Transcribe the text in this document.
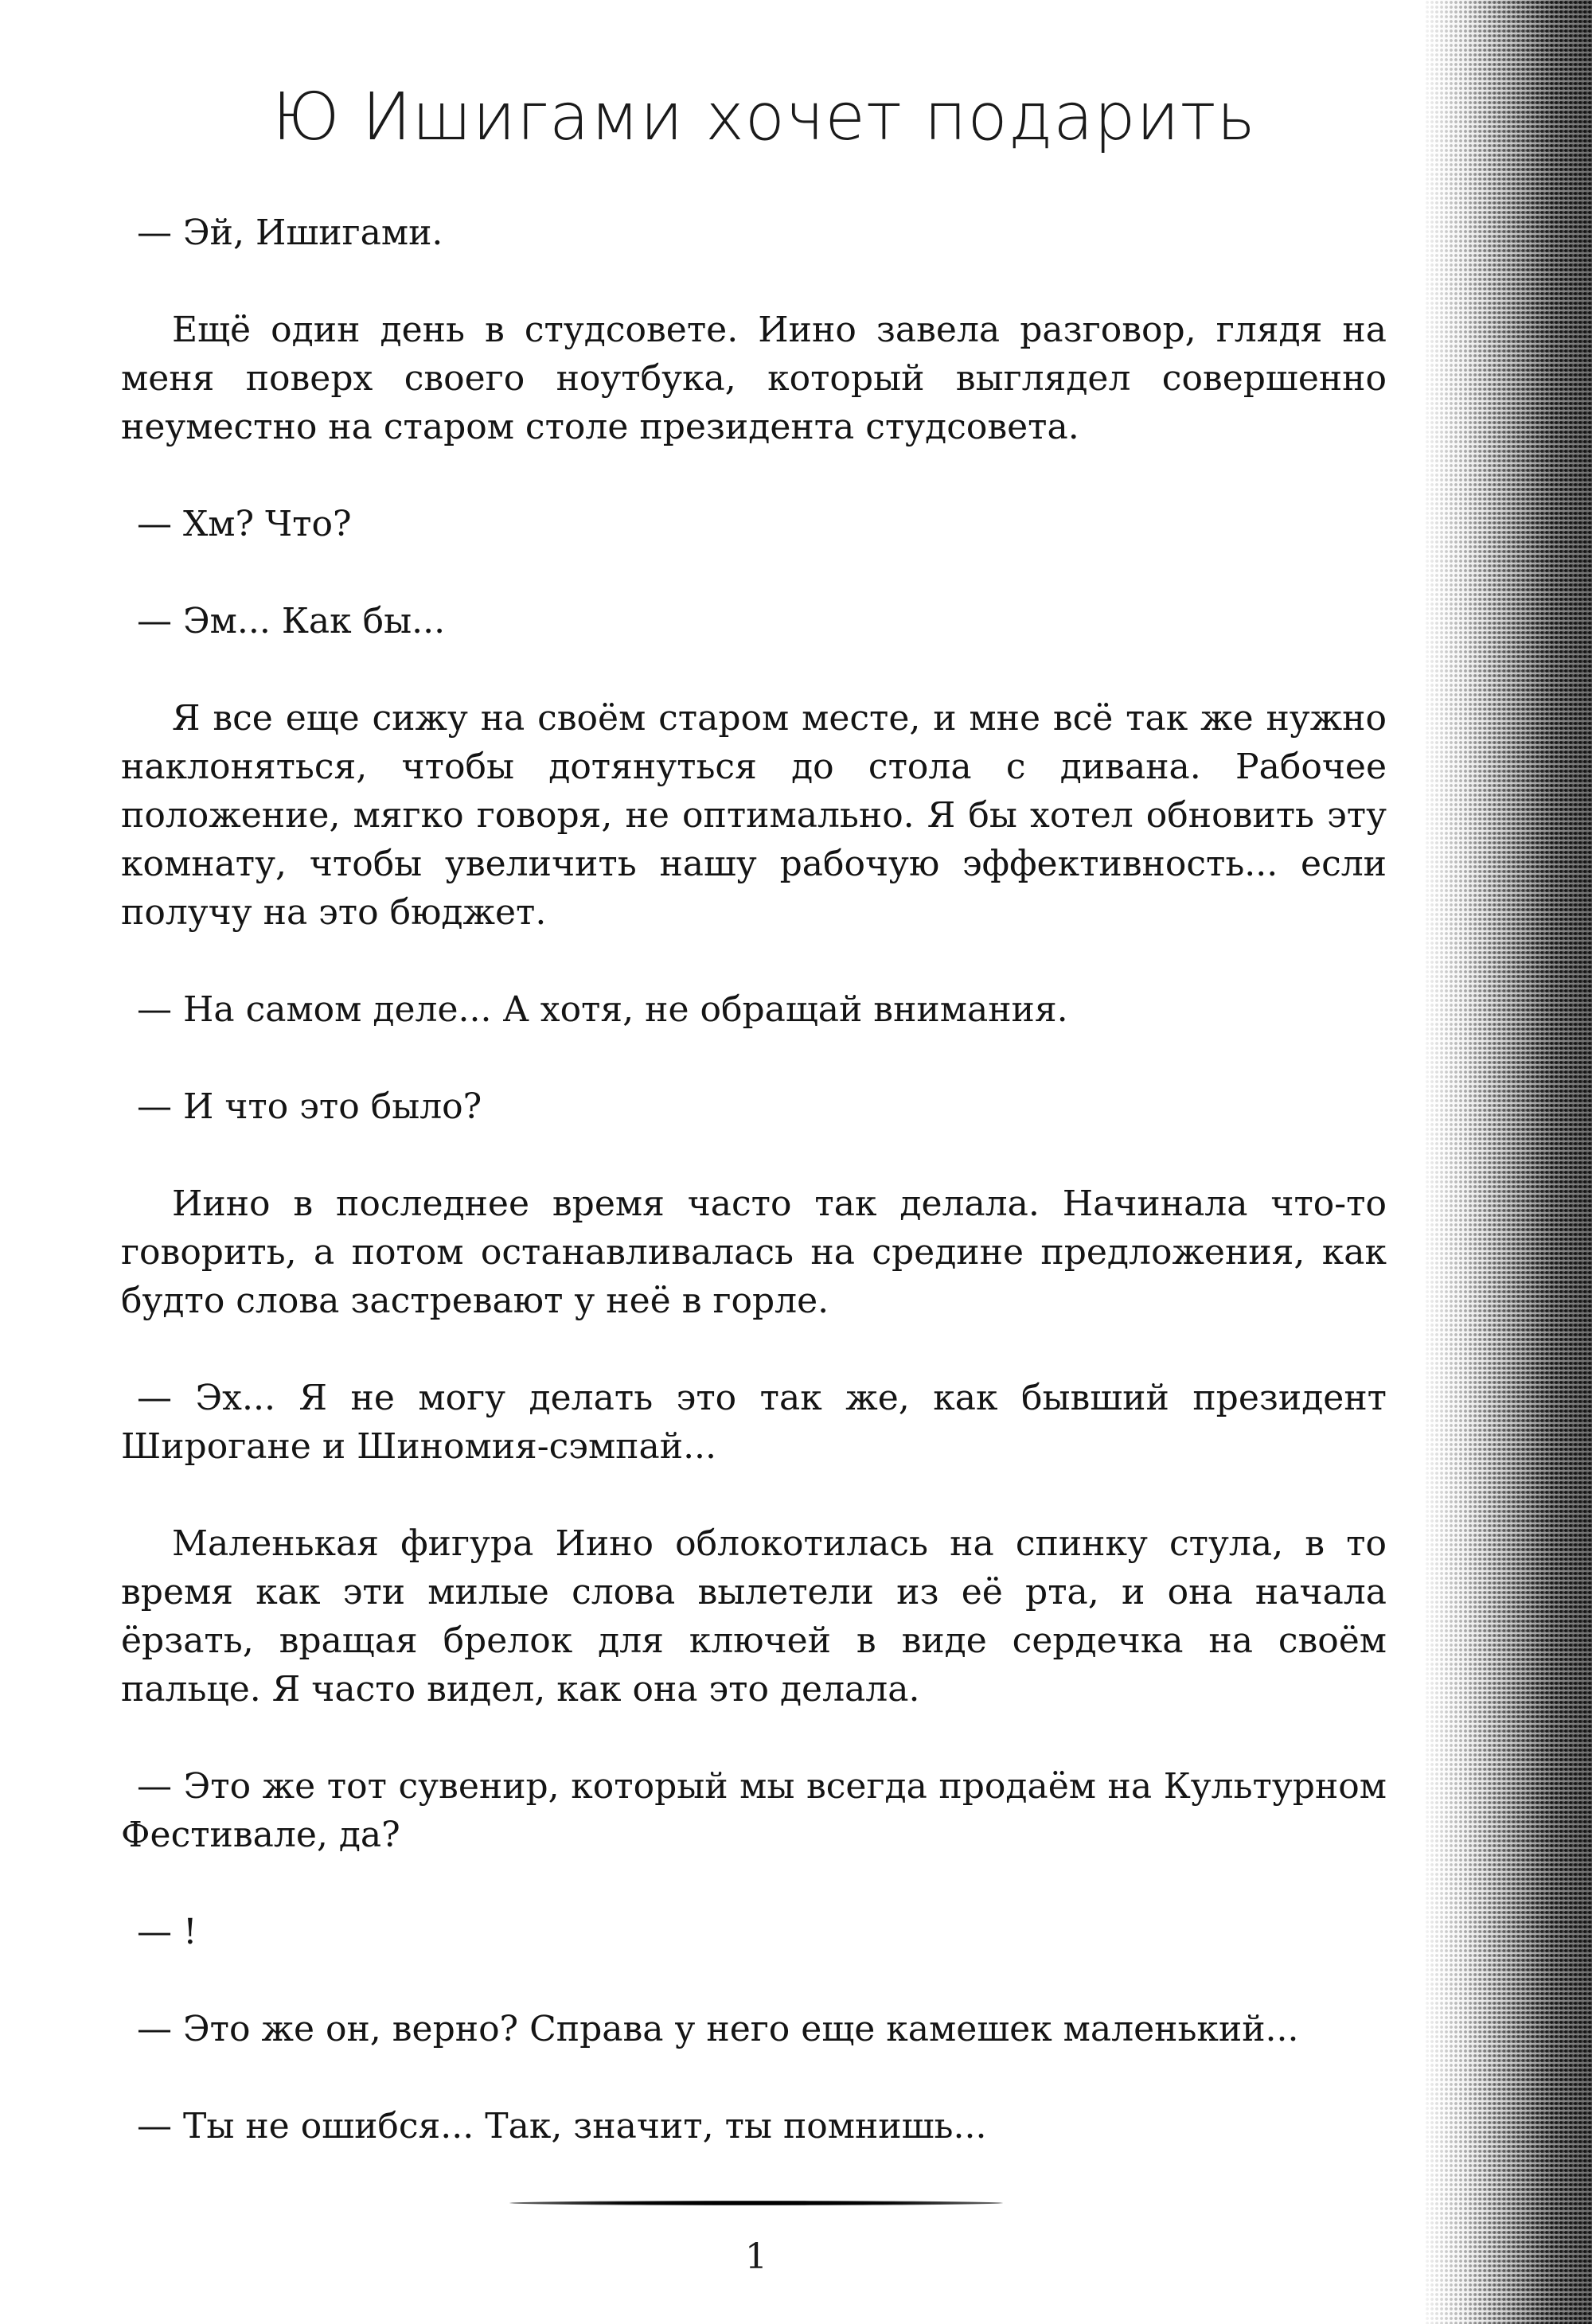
Ю Ишигами хочет подарить

— Эй, Ишигами.

Ещё один день в студсовете. Иино завела разговор, глядя на меня поверх своего ноутбука, который выглядел совершенно неуместно на старом столе президента студсовета.

— Хм? Что?

— Эм... Как бы...

Я все еще сижу на своём старом месте, и мне всё так же нужно наклоняться, чтобы дотянуться до стола с дивана. Рабочее положение, мягко говоря, не оптимально. Я бы хотел обновить эту комнату, чтобы увеличить нашу рабочую эффективность... если получу на это бюджет.

— На самом деле... А хотя, не обращай внимания.

— И что это было?

Иино в последнее время часто так делала. Начинала что-то говорить, а потом останавливалась на средине предложения, как будто слова застревают у неё в горле.

— Эх... Я не могу делать это так же, как бывший президент Широгане и Шиномия-сэмпай...

Маленькая фигура Иино облокотилась на спинку стула, в то время как эти милые слова вылетели из её рта, и она начала ёрзать, вращая брелок для ключей в виде сердечка на своём пальце. Я часто видел, как она это делала.

— Это же тот сувенир, который мы всегда продаём на Культурном Фестивале, да?

— !

— Это же он, верно? Справа у него еще камешек маленький...

— Ты не ошибся... Так, значит, ты помнишь...

1
